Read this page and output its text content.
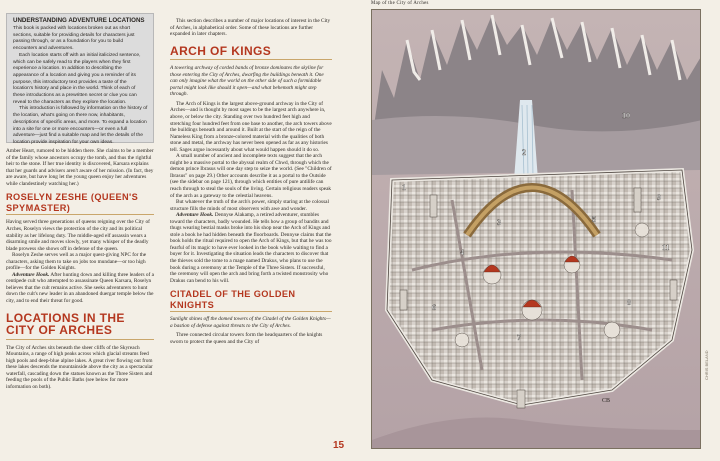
UNDERSTANDING ADVENTURE LOCATIONS

This book is packed with locations broken out as short sections, suitable for providing details for characters just passing through, or as a foundation for you to build encounters and adventures.

Each location starts off with an initial italicized sentence, which can be safely read to the players when they first experience a location. In addition to describing the appearance of a location and giving you a reminder of its purpose, this introductory text provides a taste of the location's history and place in the world. Think of each of these introductions as a prewritten secret or clue you can reveal to the characters as they explore the location.

This introduction is followed by information on the history of the location, what's going on there now, inhabitants, descriptions of specific areas, and more. To expand a location into a site for one or more encounters—or even a full adventure—just find a suitable map and let the details of the location provide inspiration for your own ideas.

Amber Heart, rumored to be hidden there. She claims to be a member of the family whose ancestors occupy the tomb, and thus the rightful heir to the stone. If her true identity is discovered, Karsara explains that her guards and advisers aren't aware of her mission. (In fact, they are aware, but have long let the young queen enjoy her adventures while clandestinely watching her.)

ROSELYN ZESHE (QUEEN'S SPYMASTER)

Having served three generations of queens reigning over the City of Arches, Roselyn views the protection of the city and its political stability as her lifelong duty. The middle-aged elf assassin wears a disarming smile and moves slowly, yet many whisper of the deadly blade prowess she shows off in defense of the queen.

Roselyn Zeshe serves well as a major quest-giving NPC for the characters, asking them to take on jobs too mundane—or too high profile—for the Golden Knights.

Adventure Hook. After hunting down and killing three leaders of a centipede cult who attempted to assassinate Queen Karsara, Roselyn believes that the cult remains active. She seeks adventurers to hunt down the cult's new leader in an abandoned duergar temple below the city, and to end their threat for good.

LOCATIONS IN THE CITY OF ARCHES

The City of Arches sits beneath the sheer cliffs of the Skyreach Mountains, a range of high peaks across which glacial streams feed high pools and deep-blue alpine lakes. A great river flowing out from these lakes descends the mountainside above the city as a spectacular waterfall, cascading down the statues known as the Three Sisters and feeding the pools of the Public Baths (see below for more information on both).

This section describes a number of major locations of interest in the City of Arches, in alphabetical order. Some of these locations are further expanded in later chapters.

ARCH OF KINGS

A towering archway of corded bands of bronze dominates the skyline for those entering the City of Arches, dwarfing the buildings beneath it. One can only imagine what the world on the other side of such a formidable portal might look like should it open—and what behemoth might step through.

The Arch of Kings is the largest above-ground archway in the City of Arches—and is thought by most sages to be the largest arch anywhere in, above, or below the city. Standing over two hundred feet high and stretching four hundred feet from one base to another, the arch towers above the buildings beneath and around it. Built at the start of the reign of the Nameless King from a bronze-colored material with the qualities of both stone and metal, the archway has never been opened as far as any histories tell. Sages argue incessantly about what would happen should it do so.

A small number of ancient and incomplete texts suggest that the arch might be a massive portal to the abyssal realm of Chwd, through which the demon prince Ibrasus will one day step to seize the world. (See "Children of Ibrasus" on page 29.) Other accounts describe it as a portal to the Outside (see the sidebar on page 121), through which entities of pure antilife can reach through to steal the souls of the living. Certain religious readers speak of the arch as a gateway to the celestial heavens.

But whatever the truth of the arch's power, simply staring at the colossal structure fills the minds of most observers with awe and wonder.

Adventure Hook. Dennyse Alakamp, a retired adventurer, stumbles toward the characters, badly wounded. He tells how a group of bandits and thugs wearing bestial masks broke into his shop near the Arch of Kings and stole a book he had hidden beneath the floorboards. Dennyse claims that the book holds the ritual required to open the Arch of Kings, but that he was too fearful of its magic to have ever looked in the book while waiting to find a buyer for it. Investigating the situation leads the characters to discover that the thieves sold the tome to a mage named Drakus, who plans to use the book during a ceremony at the Temple of the Three Sisters. If successful, the ceremony will open the arch and bring forth a twisted monstrosity who Drakus can bend to his will.

CITADEL OF THE GOLDEN KNIGHTS

Sunlight shines off the domed towers of the Citadel of the Golden Knights—a bastion of defense against threats to the City of Arches.

Three connected circular towers form the headquarters of the knights sworn to protect the queen and the City of

15
Map of the City of Arches
1
2
3
4
5
6
7
8
9
10
11
CB
CHRIS BELAND
